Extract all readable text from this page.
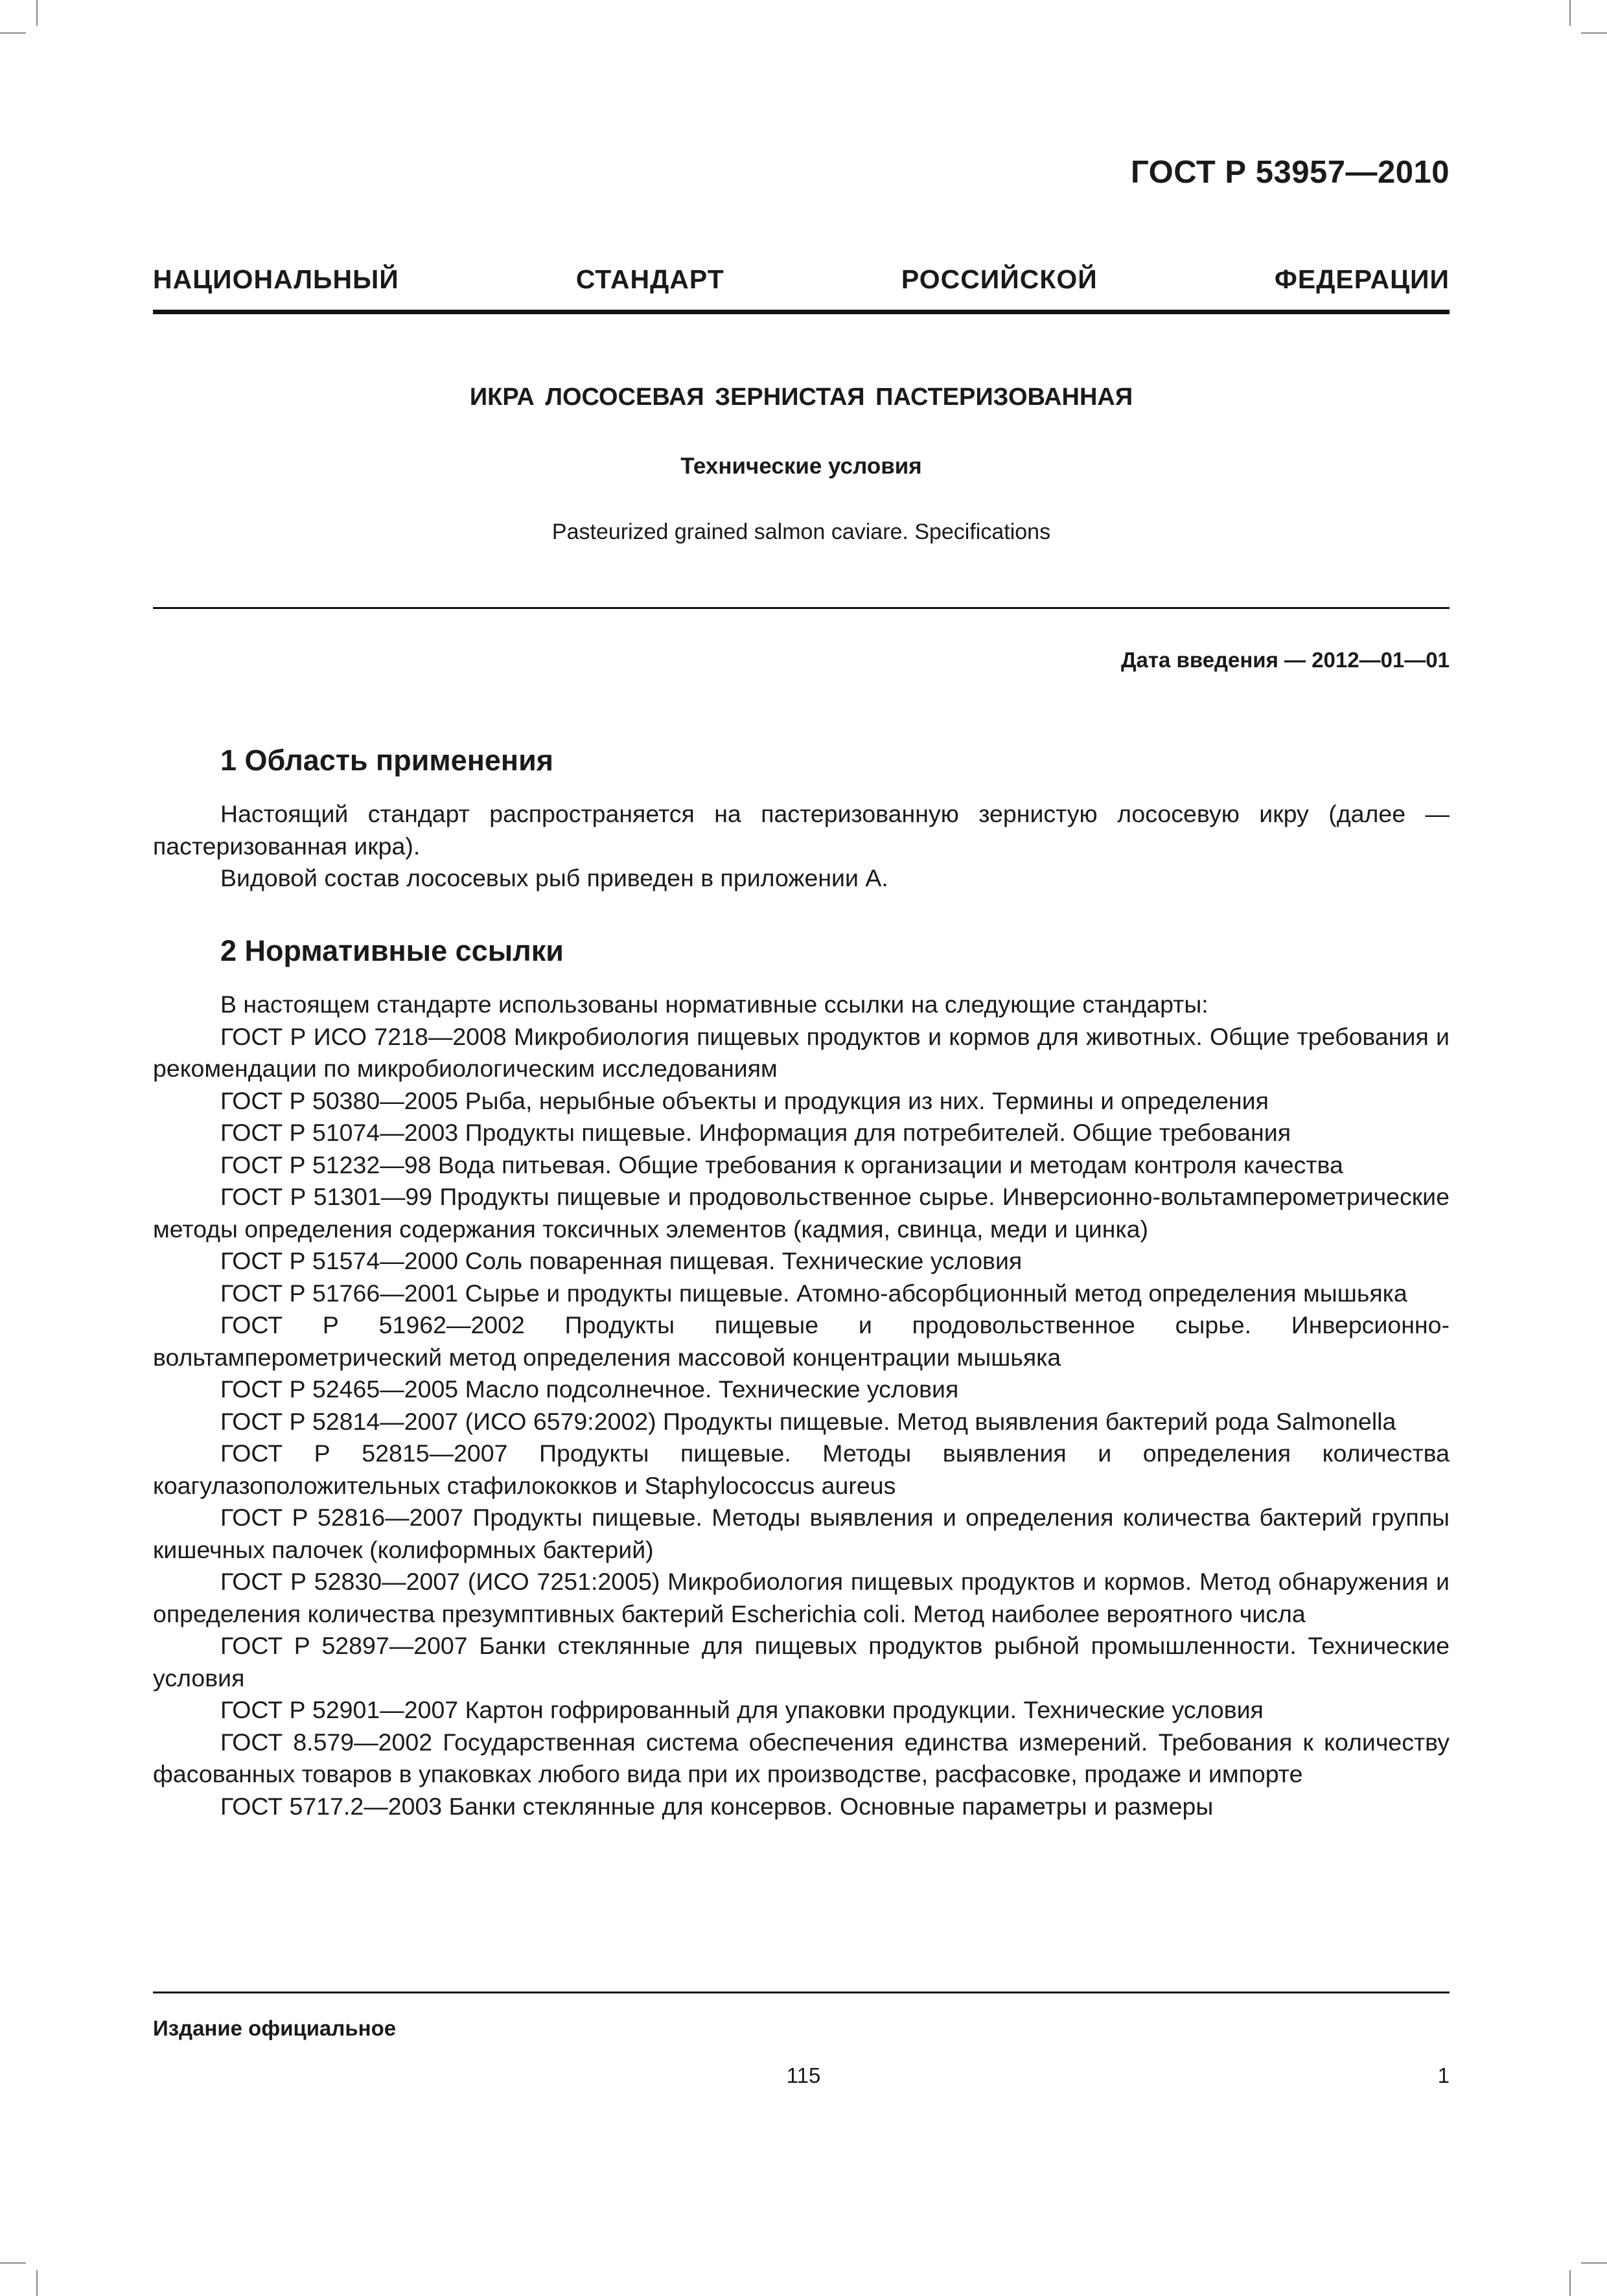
ГОСТ Р 53957—2010
НАЦИОНАЛЬНЫЙ СТАНДАРТ РОССИЙСКОЙ ФЕДЕРАЦИИ
ИКРА ЛОСОСЕВАЯ ЗЕРНИСТАЯ ПАСТЕРИЗОВАННАЯ
Технические условия
Pasteurized grained salmon caviare. Specifications
Дата введения — 2012—01—01
1 Область применения

Настоящий стандарт распространяется на пастеризованную зернистую лососевую икру (далее — пастеризованная икра).

Видовой состав лососевых рыб приведен в приложении А.

2 Нормативные ссылки

В настоящем стандарте использованы нормативные ссылки на следующие стандарты:

ГОСТ Р ИСО 7218—2008 Микробиология пищевых продуктов и кормов для животных. Общие требования и рекомендации по микробиологическим исследованиям

ГОСТ Р 50380—2005 Рыба, нерыбные объекты и продукция из них. Термины и определения

ГОСТ Р 51074—2003 Продукты пищевые. Информация для потребителей. Общие требования

ГОСТ Р 51232—98 Вода питьевая. Общие требования к организации и методам контроля качества

ГОСТ Р 51301—99 Продукты пищевые и продовольственное сырье. Инверсионно-вольтамперометрические методы определения содержания токсичных элементов (кадмия, свинца, меди и цинка)

ГОСТ Р 51574—2000 Соль поваренная пищевая. Технические условия

ГОСТ Р 51766—2001 Сырье и продукты пищевые. Атомно-абсорбционный метод определения мышьяка

ГОСТ Р 51962—2002 Продукты пищевые и продовольственное сырье. Инверсионно-вольтамперометрический метод определения массовой концентрации мышьяка

ГОСТ Р 52465—2005 Масло подсолнечное. Технические условия

ГОСТ Р 52814—2007 (ИСО 6579:2002) Продукты пищевые. Метод выявления бактерий рода Salmonella

ГОСТ Р 52815—2007 Продукты пищевые. Методы выявления и определения количества коагулазоположительных стафилококков и Staphylococcus aureus

ГОСТ Р 52816—2007 Продукты пищевые. Методы выявления и определения количества бактерий группы кишечных палочек (колиформных бактерий)

ГОСТ Р 52830—2007 (ИСО 7251:2005) Микробиология пищевых продуктов и кормов. Метод обнаружения и определения количества презумптивных бактерий Escherichia coli. Метод наиболее вероятного числа

ГОСТ Р 52897—2007 Банки стеклянные для пищевых продуктов рыбной промышленности. Технические условия

ГОСТ Р 52901—2007 Картон гофрированный для упаковки продукции. Технические условия

ГОСТ 8.579—2002 Государственная система обеспечения единства измерений. Требования к количеству фасованных товаров в упаковках любого вида при их производстве, расфасовке, продаже и импорте

ГОСТ 5717.2—2003 Банки стеклянные для консервов. Основные параметры и размеры

Издание официальное
115	1
